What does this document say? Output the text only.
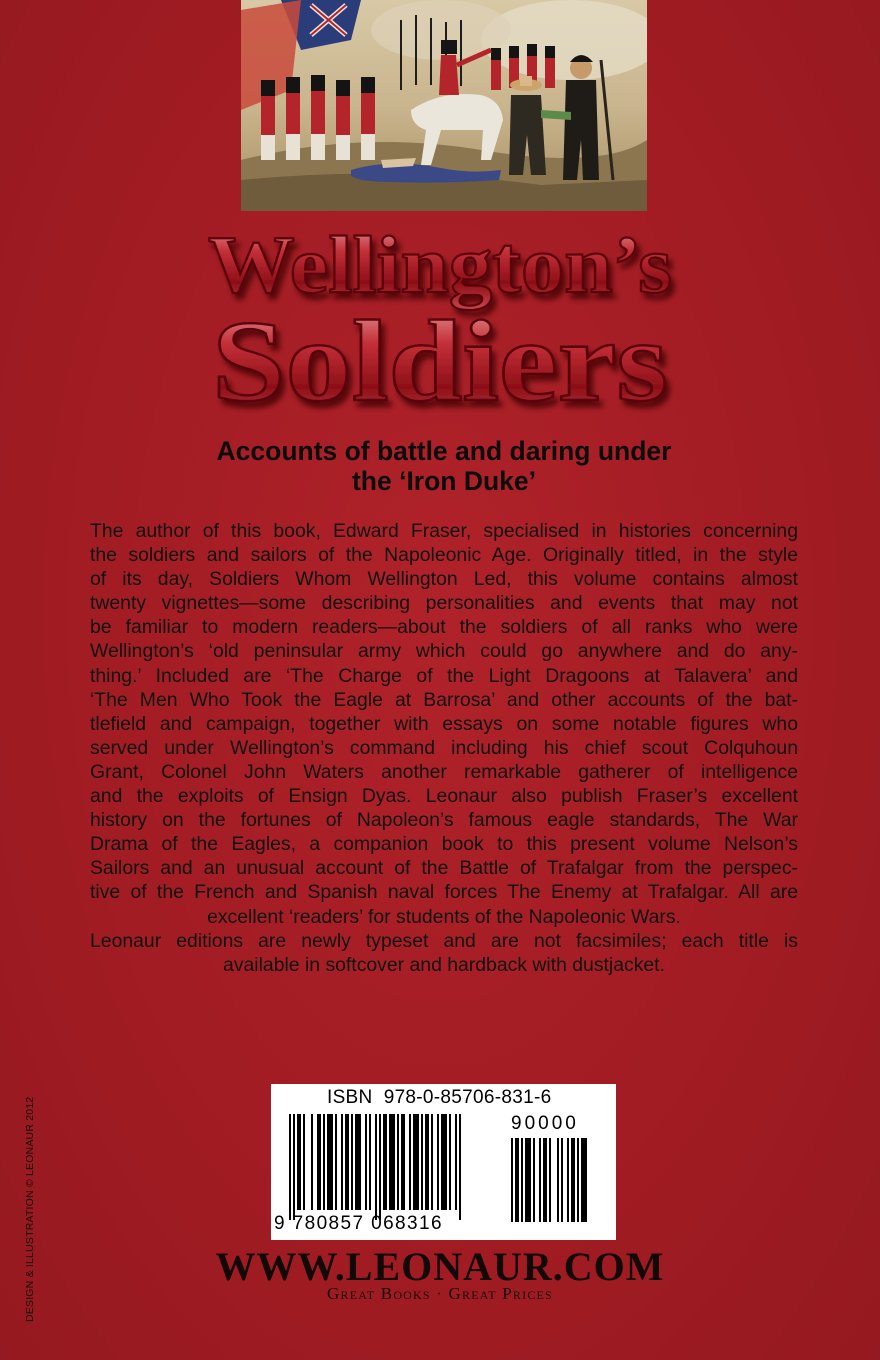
Wellington’s
Soldiers
Accounts of battle and daring under
the ‘Iron Duke’
The author of this book, Edward Fraser, specialised in histories concerning
the soldiers and sailors of the Napoleonic Age. Originally titled, in the style
of its day, Soldiers Whom Wellington Led, this volume contains almost
twenty vignettes—some describing personalities and events that may not
be familiar to modern readers—about the soldiers of all ranks who were
Wellington’s ‘old peninsular army which could go anywhere and do any-
thing.’ Included are ‘The Charge of the Light Dragoons at Talavera’ and
‘The Men Who Took the Eagle at Barrosa’ and other accounts of the bat-
tlefield and campaign, together with essays on some notable figures who
served under Wellington’s command including his chief scout Colquhoun
Grant, Colonel John Waters another remarkable gatherer of intelligence
and the exploits of Ensign Dyas. Leonaur also publish Fraser’s excellent
history on the fortunes of Napoleon’s famous eagle standards, The War
Drama of the Eagles, a companion book to this present volume Nelson’s
Sailors and an unusual account of the Battle of Trafalgar from the perspec-
tive of the French and Spanish naval forces The Enemy at Trafalgar. All are
excellent ‘readers’ for students of the Napoleonic Wars.
Leonaur editions are newly typeset and are not facsimiles; each title is
available in softcover and hardback with dustjacket.
ISBN  978-0-85706-831-6
90000
9 780857 068316
WWW.LEONAUR.COM
Great Books · Great Prices
DESIGN & ILLUSTRATION © LEONAUR 2012
